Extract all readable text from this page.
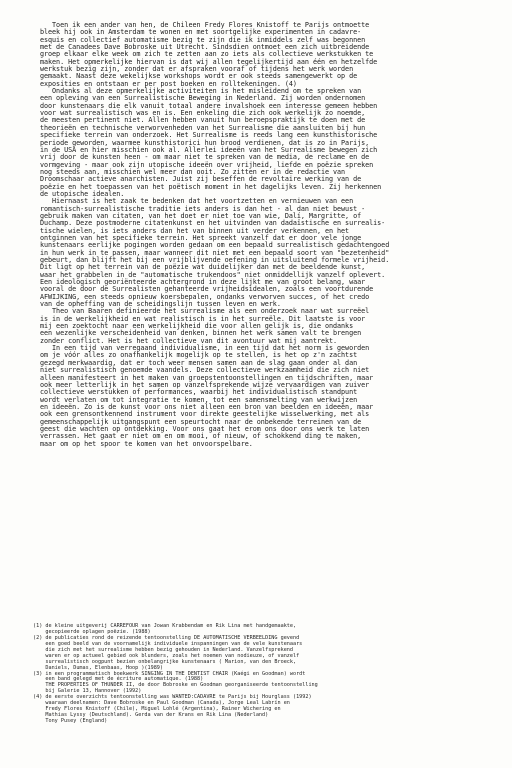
Toen ik een ander van hen, de Chileen Fredy Flores Knistoff te Parijs ontmoette
bleek hij ook in Amsterdam te wonen en met soortgelijke experimenten in cadavre-
esquis en collectief automatisme bezig te zijn die ik inmiddels zelf was begonnen
met de Canadees Dave Bobroske uit Utrecht. Sindsdien ontmoet een zich uitbreidende
groep elkaar elke week om zich te zetten aan zo iets als collectieve werkstukken te
maken. Het opmerkelijke hiervan is dat wij allen tegelijkertijd aan één en hetzelfde
werkstuk bezig zijn, zonder dat er afspraken vooraf of tijdens het werk worden
gemaakt. Naast deze wekelijkse workshops wordt er ook steeds samengewerkt op de
exposities en ontstaan er per post boeken en rolltekeningen. (4)
Ondanks al deze opmerkelijke activiteiten is het misleidend om te spreken van
een opleving van een Surrealistische Beweging in Nederland. Zij worden ondernomen
door kunstenaars die elk vanuit totaal andere invalshoek een interesse gemeen hebben
voor wat surrealistisch was en is. Een enkeling die zich ook werkelijk zo noemde,
de meesten pertinent niet. Allen hebben vanuit hun beroepspraktijk te doen met de
theorieën en technische verworvenheden van het Surrealisme die aansluiten bij hun
specifieke terrein van onderzoek. Het Surrealisme is reeds lang een kunsthistorische
periode geworden, waarmee kunsthistorici hun brood verdienen, dat is zo in Parijs,
in de USA en hier misschien ook al. Allerlei ideeën van het Surrealisme bewegen zich
vrij door de kunsten heen - om maar niet te spreken van de media, de reclame en de
vormgeving - maar ook zijn utopische ideeën over vrijheid, liefde en poëzie spreken
nog steeds aan, misschien wel meer dan ooit. Zo zitten er in de redactie van
Droomschaar actieve anarchisten. Juist zij beseffen de revoltaire werking van de
poëzie en het toepassen van het poëtisch moment in het dagelijks leven. Zij herkennen
de utopische idealen.
Hiernaast is het zaak te bedenken dat het voortzetten en vernieuwen van een
romantisch-surrealistische traditie iets anders is dan het - al dan niet bewust -
gebruik maken van citaten, van het doet er niet toe van wie, Dalí, Margritte, of
Duchamp. Deze postmoderne citatenkunst en het uitvinden van dadaïstische en surrealis-
tische wielen, is iets anders dan het van binnen uit verder verkennen, en het
ontginnen van het specifieke terrein. Het spreekt vanzelf dat er door vele jonge
kunstenaars eerlijke pogingen worden gedaan om een bepaald surrealistisch gedachtengoed
in hun werk in te passen, maar wanneer dit niet met een bepaald soort van "bezetenheid"
gebeurt, dan blijft het bij een vrijblijvende oefening in uitsluitend formele vrijheid.
Dit ligt op het terrein van de poëzie wat duidelijker dan met de beeldende kunst,
waar het grabbelen in de "automatische trukendoos" niet onmiddellijk vanzelf oplevert.
Een ideologisch georiënteerde achtergrond in deze lijkt me van groot belang, waar
vooral de door de Surrealisten gehanteerde vrijheidsidealen, zoals een voortdurende
AFWIJKING, een steeds opnieuw koersbepalen, ondanks verworven succes, of het credo
van de opheffing van de scheidingslijn tussen leven en werk.
Theo van Baaren definieerde het surrealisme als een onderzoek naar wat surreëel
is in de werkelijkheid en wat realistisch is in het surreële. Dit laatste is voor
mij een zoektocht naar een werkelijkheid die voor allen gelijk is, die ondanks
een wezenlijke verscheidenheid van denken, binnen het werk samen valt te brengen
zonder conflict. Het is het collectieve van dit avontuur wat mij aantrekt.
In een tijd van verregaand individualisme, in een tijd dat het norm is geworden
om je vóór alles zo onafhankelijk mogelijk op te stellen, is het op z'n zachtst
gezegd merkwaardig, dat er toch weer mensen samen aan de slag gaan onder al dan
niet surrealistisch genoemde vaandels. Deze collectieve werkzaamheid die zich niet
alleen manifesteert in het maken van groepstentoonstellingen en tijdschriften, maar
ook meer letterlijk in het samen op vanzelfsprekende wijze vervaardigen van zuiver
collectieve werstukken of performances, waarbij het individualistisch standpunt
wordt verlaten om tot integratie te komen, tot een samensmelting van werkwijzen
en ideeën. Zo is de kunst voor ons niet alleen een bron van beelden en ideeën, maar
ook een grensontkennend instrument voor direkte geestelijke wisselwerking, met als
gemeenschappelijk uitgangspunt een speurtocht naar de onbekende terreinen van de
geest die wachten op ontdekking. Voor ons gaat het erom ons door ons werk te laten
verrassen. Het gaat er niet om en om mooi, of nieuw, of schokkend ding te maken,
maar om op het spoor te komen van het onvoorspelbare.
(1) de kleine uitgeverij CARREFOUR van Jowan Krabbendam en Rik Lina met handgemaakte,
gecopieerde oplagen poëzie. (1988)
(2) de publicaties rond de reizende tentoonstelling DE AUTOMATISCHE VERBEELDING gevend
een goed beeld van de voornamelijk individuele inspanningen van de vele kunstenaars
die zich met het surrealisme hebben bezig gehouden in Nederland. Vanzelfsprekend
waren er op actueel gebied ook blunders, zoals het noemen van nodieuze, of vanzelf
surrealistisch oogpunt bezien onbelangrijke kunstenaars ( Marion, van den Broeck,
Daniels, Dumas, Elenbaas, Hoop )(1989)
(3) in een programmatisch boekwerk SINGING IN THE DENTIST CHAIR (Kaégi en Goodman) wordt
een band gelegd met de écriture automatique. (1988)
THE PROPERTIES OF THUNDER II, de door Bobroske en Goodman georganiseerde tentoonstelling
bij Galerie 13, Hannover (1992)
(4) de eerste overzichts tentoonstelling was WANTED:CADAVRE te Parijs bij Hourglass (1992)
waaraan deelnamen: Dave Bobroske en Paul Goodman (Canada), Jorge Leal Labrín en
Fredy Flores Knistoff (Chile), Miguel Lohlé (Argentina), Rainer Wichering en
Mathias Lyssy (Deutschland). Gerda van der Krans en Rik Lina (Nederland)
Tony Pusey (England)
